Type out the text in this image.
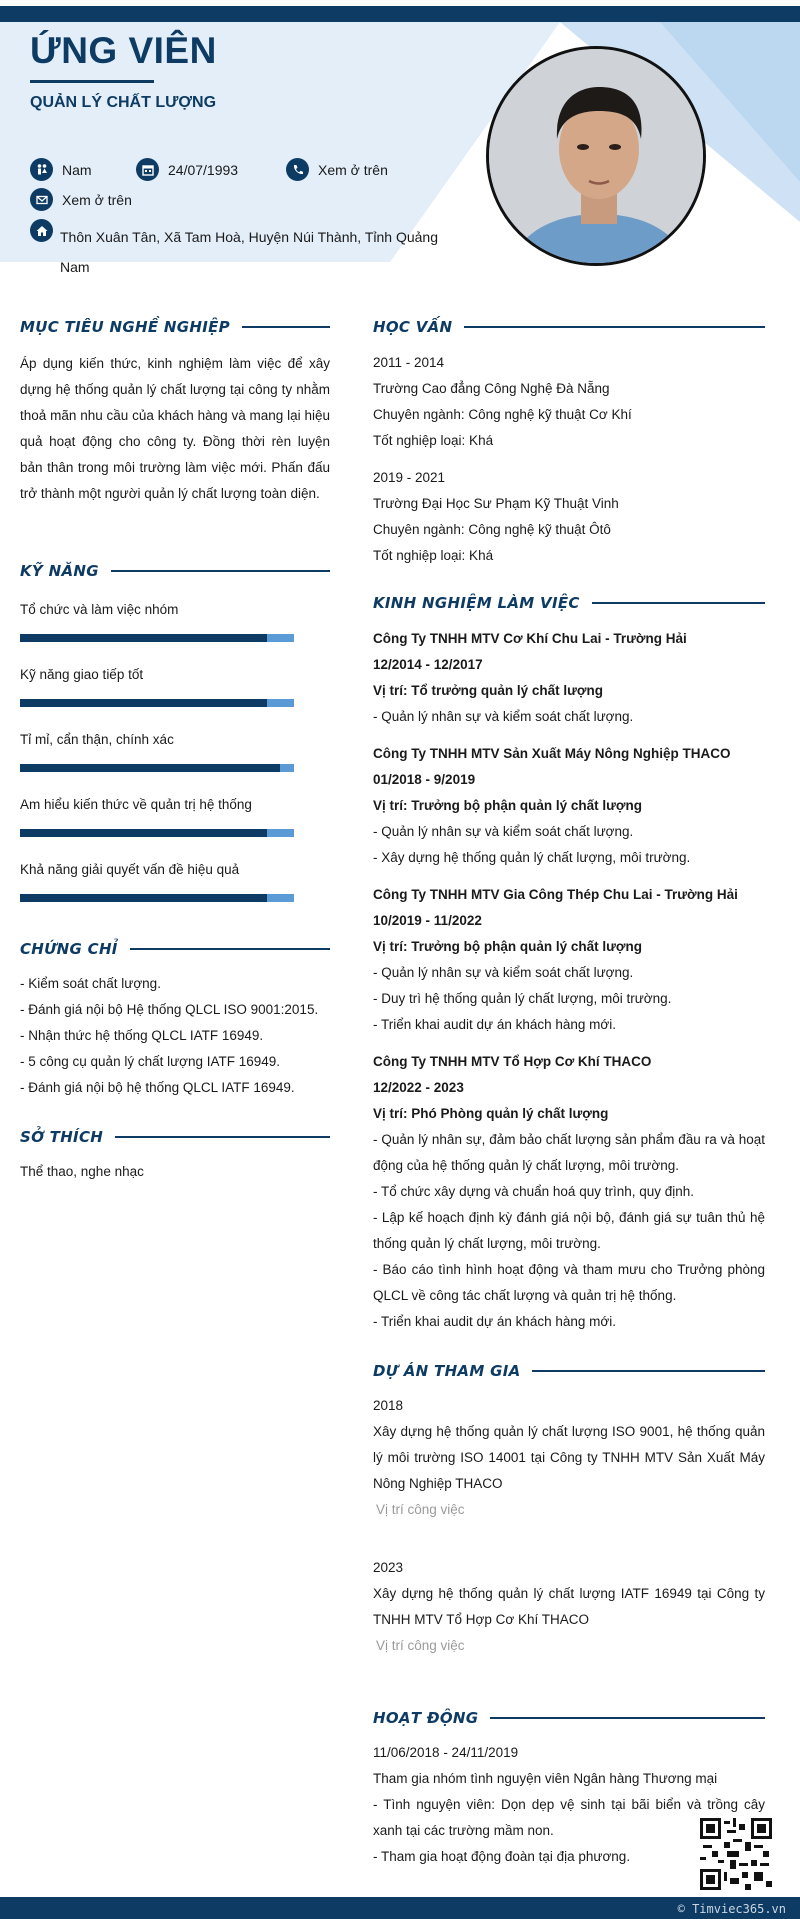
ỨNG VIÊN
QUẢN LÝ CHẤT LƯỢNG
Nam	24/07/1993	Xem ở trên
Xem ở trên
Thôn Xuân Tân, Xã Tam Hoà, Huyện Núi Thành, Tỉnh Quảng Nam
MỤC TIÊU NGHỀ NGHIỆP
Áp dụng kiến thức, kinh nghiệm làm việc để xây dựng hệ thống quản lý chất lượng tại công ty nhằm thoả mãn nhu cầu của khách hàng và mang lại hiệu quả hoạt động cho công ty. Đồng thời rèn luyện bản thân trong môi trường làm việc mới. Phấn đấu trở thành một người quản lý chất lượng toàn diện.
KỸ NĂNG
Tổ chức và làm việc nhóm
Kỹ năng giao tiếp tốt
Tỉ mỉ, cẩn thận, chính xác
Am hiểu kiến thức về quản trị hệ thống
Khả năng giải quyết vấn đề hiệu quả
CHỨNG CHỈ
- Kiểm soát chất lượng.
- Đánh giá nội bộ Hệ thống QLCL ISO 9001:2015.
- Nhận thức hệ thống QLCL IATF 16949.
- 5 công cụ quản lý chất lượng IATF 16949.
- Đánh giá nội bộ hệ thống QLCL IATF 16949.
SỞ THÍCH
Thể thao, nghe nhạc
HỌC VẤN
2011 - 2014
Trường Cao đẳng Công Nghệ Đà Nẵng
Chuyên ngành: Công nghệ kỹ thuật Cơ Khí
Tốt nghiệp loại: Khá
2019 - 2021
Trường Đại Học Sư Phạm Kỹ Thuật Vinh
Chuyên ngành: Công nghệ kỹ thuật Ôtô
Tốt nghiệp loại: Khá
KINH NGHIỆM LÀM VIỆC
Công Ty TNHH MTV Cơ Khí Chu Lai - Trường Hải
12/2014 - 12/2017
Vị trí: Tổ trưởng quản lý chất lượng
- Quản lý nhân sự và kiểm soát chất lượng.
Công Ty TNHH MTV Sản Xuất Máy Nông Nghiệp THACO
01/2018 - 9/2019
Vị trí: Trưởng bộ phận quản lý chất lượng
- Quản lý nhân sự và kiểm soát chất lượng.
- Xây dựng hệ thống quản lý chất lượng, môi trường.
Công Ty TNHH MTV Gia Công Thép Chu Lai - Trường Hải
10/2019 - 11/2022
Vị trí: Trưởng bộ phận quản lý chất lượng
- Quản lý nhân sự và kiểm soát chất lượng.
- Duy trì hệ thống quản lý chất lượng, môi trường.
- Triển khai audit dự án khách hàng mới.
Công Ty TNHH MTV Tổ Hợp Cơ Khí THACO
12/2022 - 2023
Vị trí: Phó Phòng quản lý chất lượng
- Quản lý nhân sự, đảm bảo chất lượng sản phẩm đầu ra và hoạt động của hệ thống quản lý chất lượng, môi trường.
- Tổ chức xây dựng và chuẩn hoá quy trình, quy định.
- Lập kế hoạch định kỳ đánh giá nội bộ, đánh giá sự tuân thủ hệ thống quản lý chất lượng, môi trường.
- Báo cáo tình hình hoạt động và tham mưu cho Trưởng phòng QLCL về công tác chất lượng và quản trị hệ thống.
- Triển khai audit dự án khách hàng mới.
DỰ ÁN THAM GIA
2018
Xây dựng hệ thống quản lý chất lượng ISO 9001, hệ thống quản lý môi trường ISO 14001 tại Công ty TNHH MTV Sản Xuất Máy Nông Nghiệp THACO
Vị trí công việc
2023
Xây dựng hệ thống quản lý chất lượng IATF 16949 tại Công ty TNHH MTV Tổ Hợp Cơ Khí THACO
Vị trí công việc
HOẠT ĐỘNG
11/06/2018 - 24/11/2019
Tham gia nhóm tình nguyện viên Ngân hàng Thương mại
- Tình nguyện viên: Dọn dẹp vệ sinh tại bãi biển và trồng cây xanh tại các trường mầm non.
- Tham gia hoạt động đoàn tại địa phương.
© Timviec365.vn
